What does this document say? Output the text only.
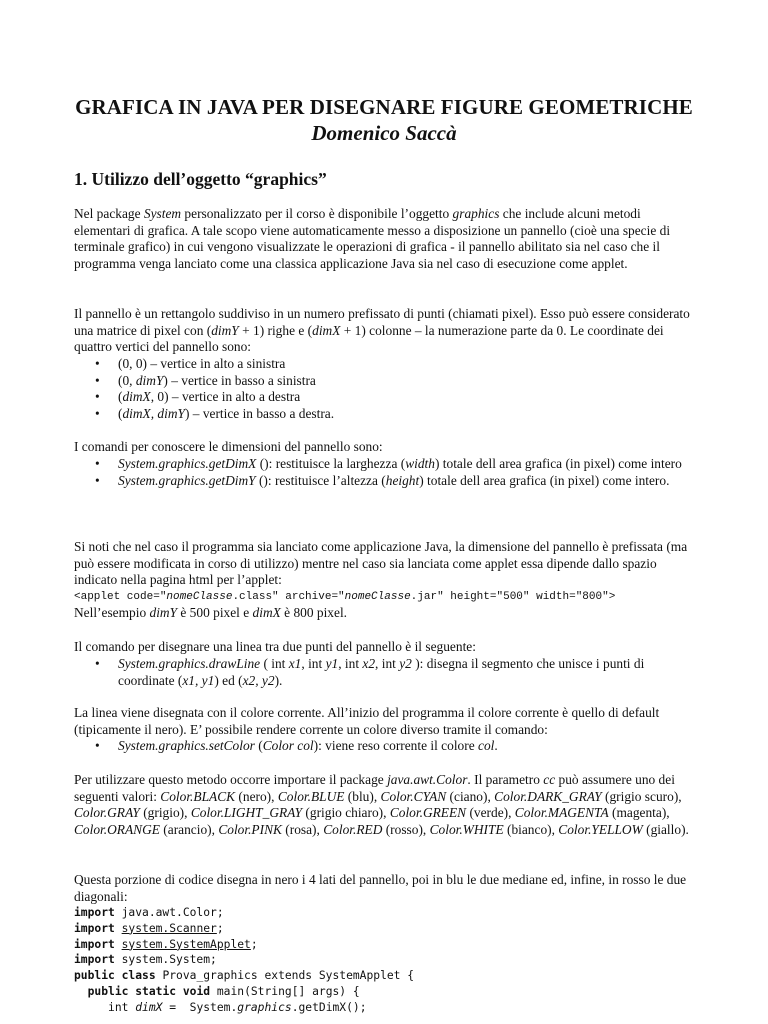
GRAFICA IN JAVA PER DISEGNARE FIGURE GEOMETRICHE
Domenico Saccà
1. Utilizzo dell’oggetto “graphics”

Nel package System personalizzato per il corso è disponibile l’oggetto graphics che include alcuni metodi elementari di grafica. A tale scopo viene automaticamente messo a disposizione un pannello (cioè una specie di terminale grafico) in cui vengono visualizzate le operazioni di grafica - il pannello abilitato sia nel caso che il programma venga lanciato come una classica applicazione Java sia nel caso di esecuzione come applet.

Il pannello è un rettangolo suddiviso in un numero prefissato di punti (chiamati pixel). Esso può essere considerato una matrice di pixel con (dimY + 1) righe e (dimX + 1) colonne – la numerazione parte da 0. Le coordinate dei quattro vertici del pannello sono:

• (0, 0) – vertice in alto a sinistra
• (0, dimY) – vertice in basso a sinistra
• (dimX, 0) – vertice in alto a destra
• (dimX, dimY) – vertice in basso a destra.

I comandi per conoscere le dimensioni del pannello sono:

• System.graphics.getDimX (): restituisce la larghezza (width) totale dell area grafica (in pixel) come intero
• System.graphics.getDimY (): restituisce l’altezza (height) totale dell area grafica (in pixel) come intero.

Si noti che nel caso il programma sia lanciato come applicazione Java, la dimensione del pannello è prefissata (ma può essere modificata in corso di utilizzo) mentre nel caso sia lanciata come applet essa dipende dallo spazio indicato nella pagina html per l’applet:

<applet code="nomeClasse.class" archive="nomeClasse.jar" height="500" width="800">

Nell’esempio dimY è 500 pixel e dimX è 800 pixel.

Il comando per disegnare una linea tra due punti del pannello è il seguente:

• System.graphics.drawLine ( int x1, int y1, int x2, int y2 ): disegna il segmento che unisce i punti di coordinate (x1, y1) ed (x2, y2).

La linea viene disegnata con il colore corrente. All’inizio del programma il colore corrente è quello di default (tipicamente il nero). E’ possibile rendere corrente un colore diverso tramite il comando:

• System.graphics.setColor (Color col): viene reso corrente il colore col.

Per utilizzare questo metodo occorre importare il package java.awt.Color. Il parametro cc può assumere uno dei seguenti valori: Color.BLACK (nero), Color.BLUE (blu), Color.CYAN (ciano), Color.DARK_GRAY (grigio scuro), Color.GRAY (grigio), Color.LIGHT_GRAY (grigio chiaro), Color.GREEN (verde), Color.MAGENTA (magenta), Color.ORANGE (arancio), Color.PINK (rosa), Color.RED (rosso), Color.WHITE (bianco), Color.YELLOW (giallo).

Questa porzione di codice disegna in nero i 4 lati del pannello, poi in blu le due mediane ed, infine, in rosso le due diagonali:

import java.awt.Color;
import system.Scanner;
import system.SystemApplet;
import system.System;
public class Prova_graphics extends SystemApplet {
public static void main(String[] args) {
int dimX =  System.graphics.getDimX();
